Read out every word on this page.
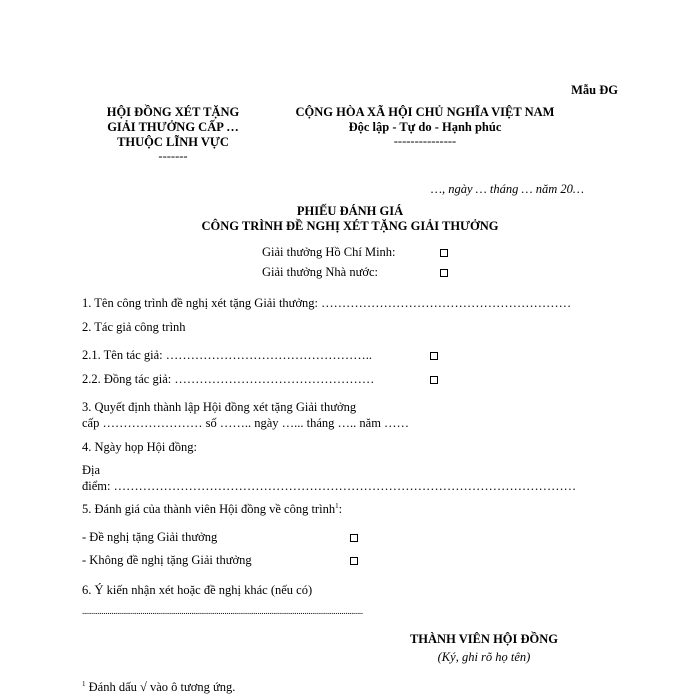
Mẫu ĐG
HỘI ĐỒNG XÉT TẶNG
GIẢI THƯỞNG CẤP …
THUỘC LĨNH VỰC
-------
CỘNG HÒA XÃ HỘI CHỦ NGHĨA VIỆT NAM
Độc lập - Tự do - Hạnh phúc
---------------
…, ngày … tháng … năm 20…
PHIẾU ĐÁNH GIÁ
CÔNG TRÌNH ĐỀ NGHỊ XÉT TẶNG GIẢI THƯỞNG
Giải thưởng Hồ Chí Minh:
Giải thưởng Nhà nước:
1. Tên công trình đề nghị xét tặng Giải thưởng: ……………………………………………………
2. Tác giả công trình
2.1. Tên tác giả: …………………………………………..
2.2. Đồng tác giả: …………………………………………
3. Quyết định thành lập Hội đồng xét tặng Giải thưởng
cấp …………………… số …….. ngày …... tháng ….. năm ……
4. Ngày họp Hội đồng:
Địa
điểm: …………………………………………………………………………………………………
5. Đánh giá của thành viên Hội đồng về công trình$^1$:
- Đề nghị tặng Giải thưởng
- Không đề nghị tặng Giải thưởng
6. Ý kiến nhận xét hoặc đề nghị khác (nếu có)
................................................................................................................................................
THÀNH VIÊN HỘI ĐỒNG
(Ký, ghi rõ họ tên)
$^1$ Đánh dấu √ vào ô tương ứng.
